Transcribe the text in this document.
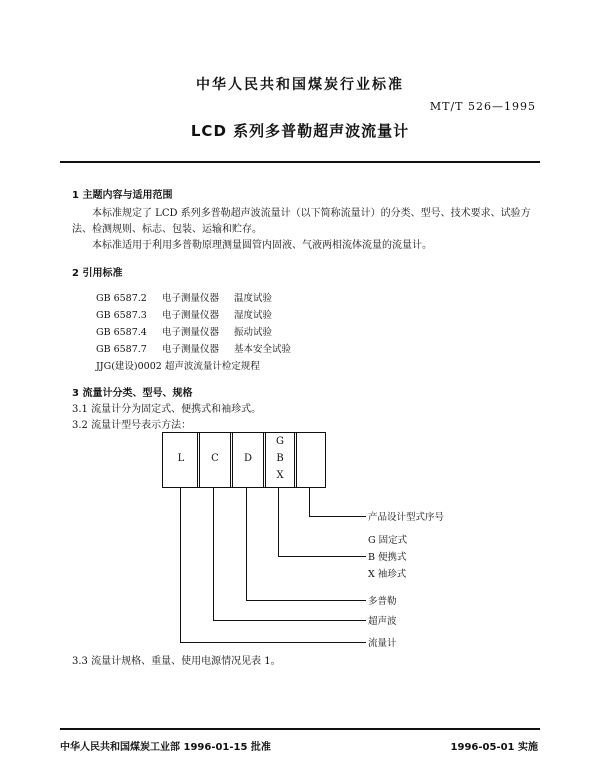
中华人民共和国煤炭行业标准
MT/T 526—1995
LCD 系列多普勒超声波流量计
1 主题内容与适用范围
本标准规定了 LCD 系列多普勒超声波流量计（以下简称流量计）的分类、型号、技术要求、试验方
法、检测规则、标志、包装、运输和贮存。
本标准适用于利用多普勒原理测量圆管内固液、气液两相流体流量的流量计。
2 引用标准
GB 6587.2 电子测量仪器 温度试验
GB 6587.3 电子测量仪器 湿度试验
GB 6587.4 电子测量仪器 振动试验
GB 6587.7 电子测量仪器 基本安全试验
JJG(建设)0002 超声波流量计检定规程
3 流量计分类、型号、规格
3.1 流量计分为固定式、便携式和袖珍式。
3.2 流量计型号表示方法：
L	C	D
G
B
X
产品设计型式序号
G 固定式
B 便携式
X 袖珍式
多普勒
超声波
流量计
3.3 流量计规格、重量、使用电源情况见表 1。
中华人民共和国煤炭工业部 1996-01-15 批准	1996-05-01 实施
